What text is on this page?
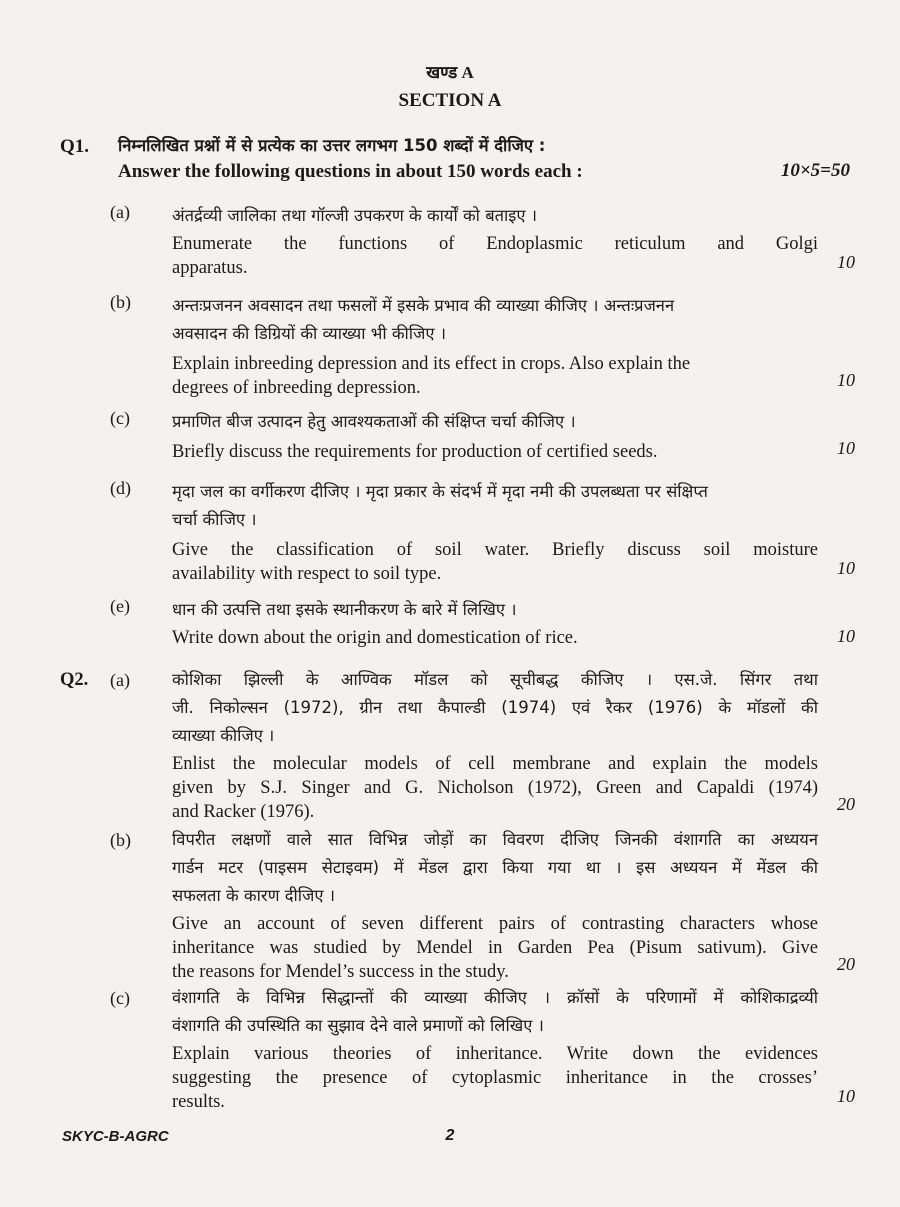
खण्ड A
SECTION A
Q1. निम्नलिखित प्रश्नों में से प्रत्येक का उत्तर लगभग 150 शब्दों में दीजिए :
Answer the following questions in about 150 words each :	10×5=50
(a)	अंतर्द्रव्यी जालिका तथा गॉल्जी उपकरण के कार्यों को बताइए ।
Enumerate the functions of Endoplasmic reticulum and Golgi
apparatus.	10
(b)	अन्तःप्रजनन अवसादन तथा फसलों में इसके प्रभाव की व्याख्या कीजिए । अन्तःप्रजनन
अवसादन की डिग्रियों की व्याख्या भी कीजिए ।
Explain inbreeding depression and its effect in crops. Also explain the
degrees of inbreeding depression.	10
(c)	प्रमाणित बीज उत्पादन हेतु आवश्यकताओं की संक्षिप्त चर्चा कीजिए ।
Briefly discuss the requirements for production of certified seeds.	10
(d)	मृदा जल का वर्गीकरण दीजिए । मृदा प्रकार के संदर्भ में मृदा नमी की उपलब्धता पर संक्षिप्त
चर्चा कीजिए ।
Give the classification of soil water. Briefly discuss soil moisture
availability with respect to soil type.	10
(e)	धान की उत्पत्ति तथा इसके स्थानीकरण के बारे में लिखिए ।
Write down about the origin and domestication of rice.	10
Q2. (a)	कोशिका झिल्ली के आण्विक मॉडल को सूचीबद्ध कीजिए । एस.जे. सिंगर तथा
जी. निकोल्सन (1972), ग्रीन तथा कैपाल्डी (1974) एवं रैकर (1976) के मॉडलों की
व्याख्या कीजिए ।
Enlist the molecular models of cell membrane and explain the models
given by S.J. Singer and G. Nicholson (1972), Green and Capaldi (1974)
and Racker (1976).	20
(b)	विपरीत लक्षणों वाले सात विभिन्न जोड़ों का विवरण दीजिए जिनकी वंशागति का अध्ययन
गार्डन मटर (पाइसम सेटाइवम) में मेंडल द्वारा किया गया था । इस अध्ययन में मेंडल की
सफलता के कारण दीजिए ।
Give an account of seven different pairs of contrasting characters whose
inheritance was studied by Mendel in Garden Pea (Pisum sativum). Give
the reasons for Mendel’s success in the study.	20
(c)	वंशागति के विभिन्न सिद्धान्तों की व्याख्या कीजिए । क्रॉसों के परिणामों में कोशिकाद्रव्यी
वंशागति की उपस्थिति का सुझाव देने वाले प्रमाणों को लिखिए ।
Explain various theories of inheritance. Write down the evidences
suggesting the presence of cytoplasmic inheritance in the crosses’
results.	10
SKYC-B-AGRC	2
